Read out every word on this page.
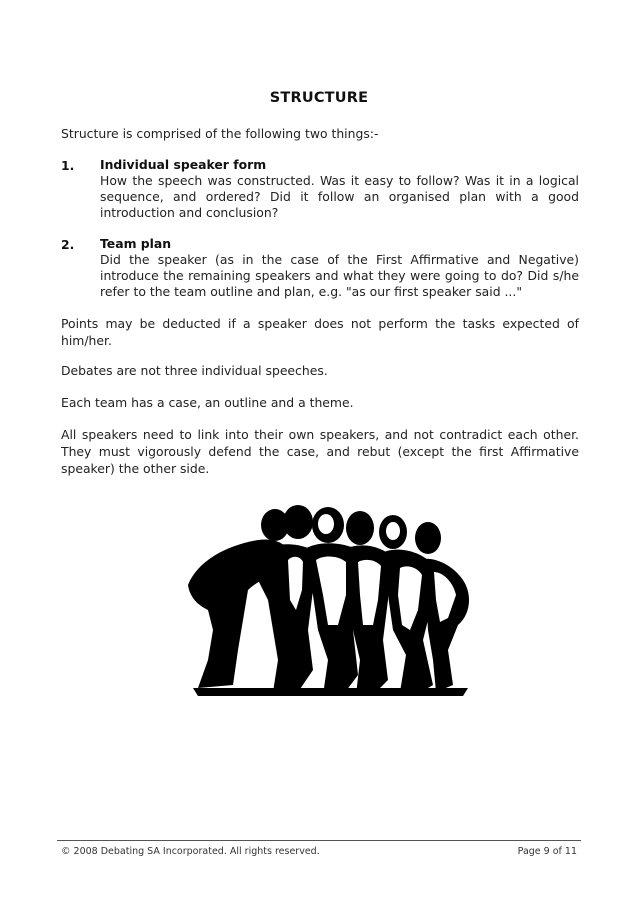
STRUCTURE
Structure is comprised of the following two things:-
1. Individual speaker form
How the speech was constructed. Was it easy to follow? Was it in a logical sequence, and ordered? Did it follow an organised plan with a good introduction and conclusion?
2. Team plan
Did the speaker (as in the case of the First Affirmative and Negative) introduce the remaining speakers and what they were going to do? Did s/he refer to the team outline and plan, e.g. "as our first speaker said ..."
Points may be deducted if a speaker does not perform the tasks expected of him/her.
Debates are not three individual speeches.
Each team has a case, an outline and a theme.
All speakers need to link into their own speakers, and not contradict each other. They must vigorously defend the case, and rebut (except the first Affirmative speaker) the other side.
© 2008 Debating SA Incorporated. All rights reserved.	Page 9 of 11
